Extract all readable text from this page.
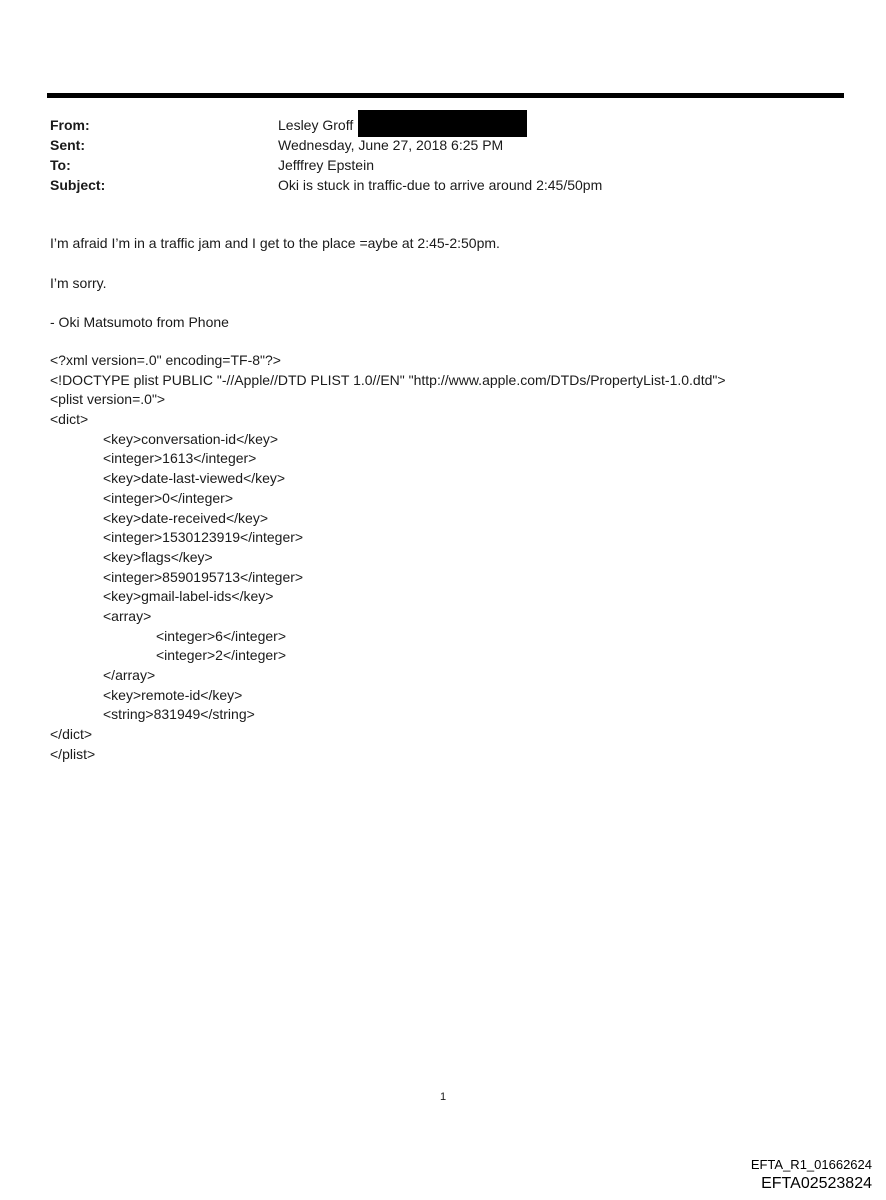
From:	Lesley Groff
Sent:	Wednesday, June 27, 2018 6:25 PM
To:	Jefffrey Epstein
Subject:	Oki is stuck in traffic-due to arrive around 2:45/50pm

I’m afraid I’m in a traffic jam and I get to the place =aybe at 2:45-2:50pm.

I’m sorry.

- Oki Matsumoto from Phone

<?xml version=.0" encoding=TF-8"?>
<!DOCTYPE plist PUBLIC "-//Apple//DTD PLIST 1.0//EN" "http://www.apple.com/DTDs/PropertyList-1.0.dtd">
<plist version=.0">
<dict>
<key>conversation-id</key>
<integer>1613</integer>
<key>date-last-viewed</key>
<integer>0</integer>
<key>date-received</key>
<integer>1530123919</integer>
<key>flags</key>
<integer>8590195713</integer>
<key>gmail-label-ids</key>
<array>
<integer>6</integer>
<integer>2</integer>
</array>
<key>remote-id</key>
<string>831949</string>
</dict>
</plist>
1
EFTA_R1_01662624
EFTA02523824
